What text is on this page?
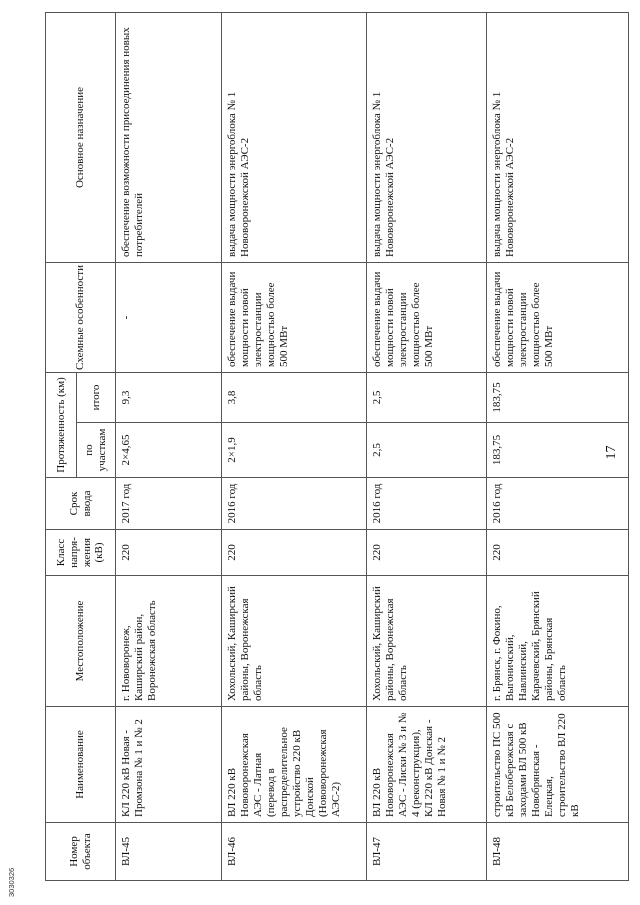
3030326
Номер объекта	Наименование	Местоположение	Класс напря-жения (кВ)	Срок ввода	Протяженность (км)		Схемные особенности	Основное назначение
					по участкам	итого		
ВЛ-45	КЛ 220 кВ Новая - Промзона № 1 и № 2	г. Нововоронеж, Каширский район, Воронежская область	220	2017 год	2×4,65	9,3	-	обеспечение возможности присоединения новых потребителей
ВЛ-46	ВЛ 220 кВ Нововоронежская АЭС - Латная (перевод в распределительное устройство 220 кВ Донской (Нововоронежская АЭС-2)	Хохольский, Каширский районы, Воронежская область	220	2016 год	2×1,9	3,8	обеспечение выдачи мощности новой электростанции мощностью более 500 МВт	выдача мощности энергоблока № 1 Нововоронежской АЭС-2
ВЛ-47	ВЛ 220 кВ Нововоронежская АЭС - Лиски № 3 и № 4 (реконструкция), КЛ 220 кВ Донская - Новая № 1 и № 2	Хохольский, Каширский районы, Воронежская область	220	2016 год	2,5	2,5	обеспечение выдачи мощности новой электростанции мощностью более 500 МВт	выдача мощности энергоблока № 1 Нововоронежской АЭС-2
ВЛ-48	строительство ПС 500 кВ Белобережская с заходами ВЛ 500 кВ Новобрянская - Елецкая, строительство ВЛ 220 кВ	г. Брянск, г. Фокино, Выгоничский, Навлинский, Карачевский, Брянский районы, Брянская область	220	2016 год	183,75	183,75	обеспечение выдачи мощности новой электростанции мощностью более 500 МВт	выдача мощности энергоблока № 1 Нововоронежской АЭС-2
17
